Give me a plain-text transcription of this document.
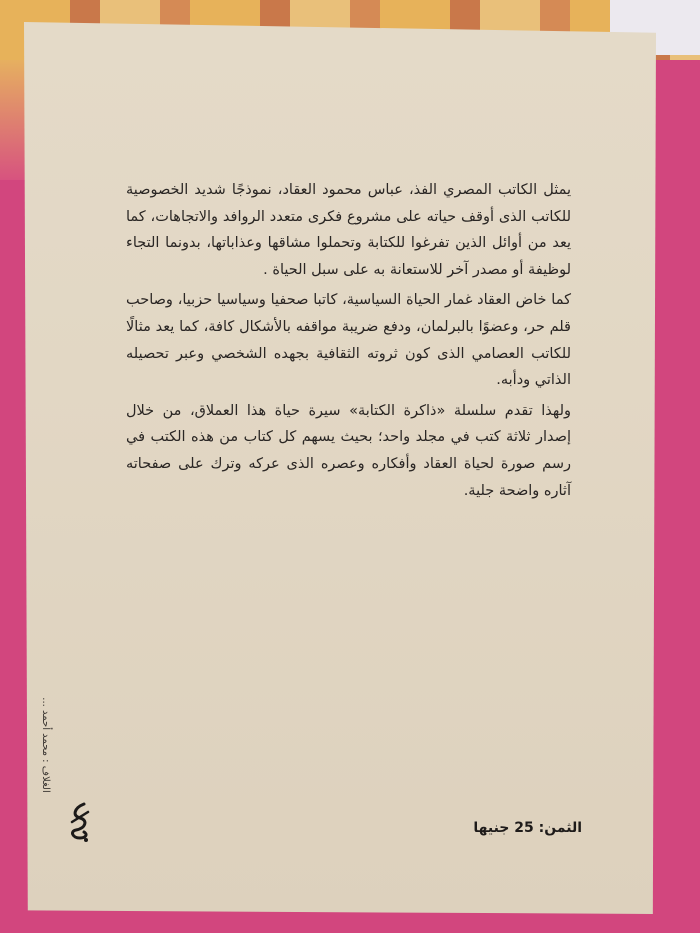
يمثل الكاتب المصري الفذ، عباس محمود العقاد، نموذجًا شديد الخصوصية للكاتب الذى أوقف حياته على مشروع فكرى متعدد الروافد والاتجاهات، كما يعد من أوائل الذين تفرغوا للكتابة وتحملوا مشاقها وعذاباتها، بدونما التجاء لوظيفة أو مصدر آخر للاستعانة به على سبل الحياة .

كما خاض العقاد غمار الحياة السياسية، كاتبا صحفيا وسياسيا حزبيا، وصاحب قلم حر، وعضوًا بالبرلمان، ودفع ضريبة مواقفه بالأشكال كافة، كما يعد مثالًا للكاتب العصامي الذى كون ثروته الثقافية بجهده الشخصي وعبر تحصيله الذاتي ودأبه.

ولهذا تقدم سلسلة «ذاكرة الكتابة» سيرة حياة هذا العملاق، من خلال إصدار ثلاثة كتب في مجلد واحد؛ بحيث يسهم كل كتاب من هذه الكتب في رسم صورة لحياة العقاد وأفكاره وعصره الذى عركه وترك على صفحاته آثاره واضحة جلية.

الثمن: 25 جنيها
الغلاف : محمد أحمد ...
